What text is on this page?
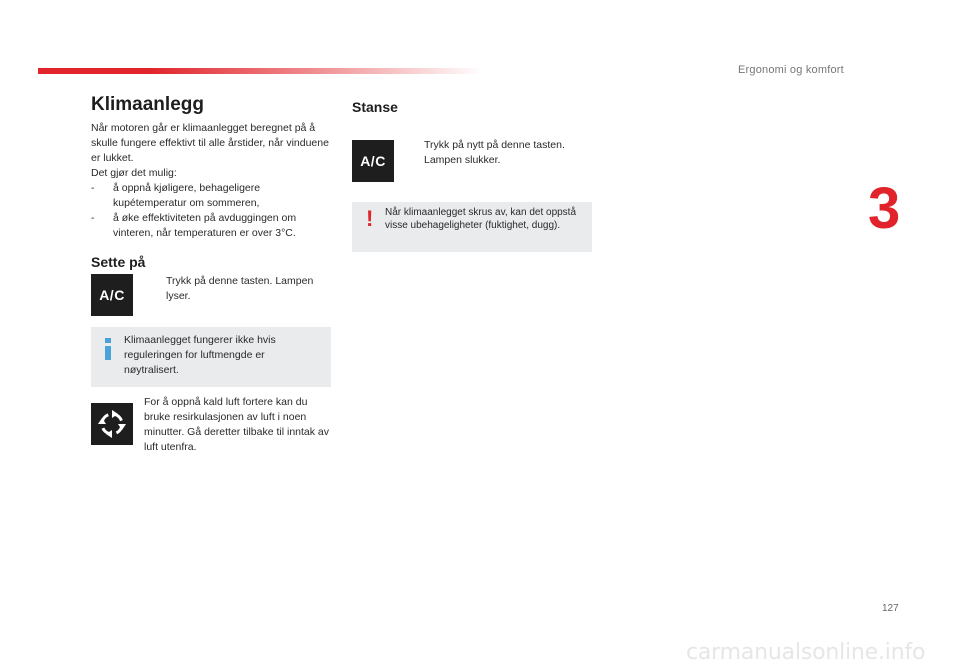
Ergonomi og komfort
3
Klimaanlegg

Når motoren går er klimaanlegget beregnet på å skulle fungere effektivt til alle årstider, når vinduene er lukket.

Det gjør det mulig:

-	å oppnå kjøligere, behageligere kupétemperatur om sommeren,
-	å øke effektiviteten på avduggingen om vinteren, når temperaturen er over 3°C.
Sette på
A/C
Trykk på denne tasten. Lampen lyser.
Klimaanlegget fungerer ikke hvis reguleringen for luftmengde er nøytralisert.
For å oppnå kald luft fortere kan du bruke resirkulasjonen av luft i noen minutter. Gå deretter tilbake til inntak av luft utenfra.
Stanse
A/C
Trykk på nytt på denne tasten. Lampen slukker.
! Når klimaanlegget skrus av, kan det oppstå visse ubehageligheter (fuktighet, dugg).
127
carmanualsonline.info
